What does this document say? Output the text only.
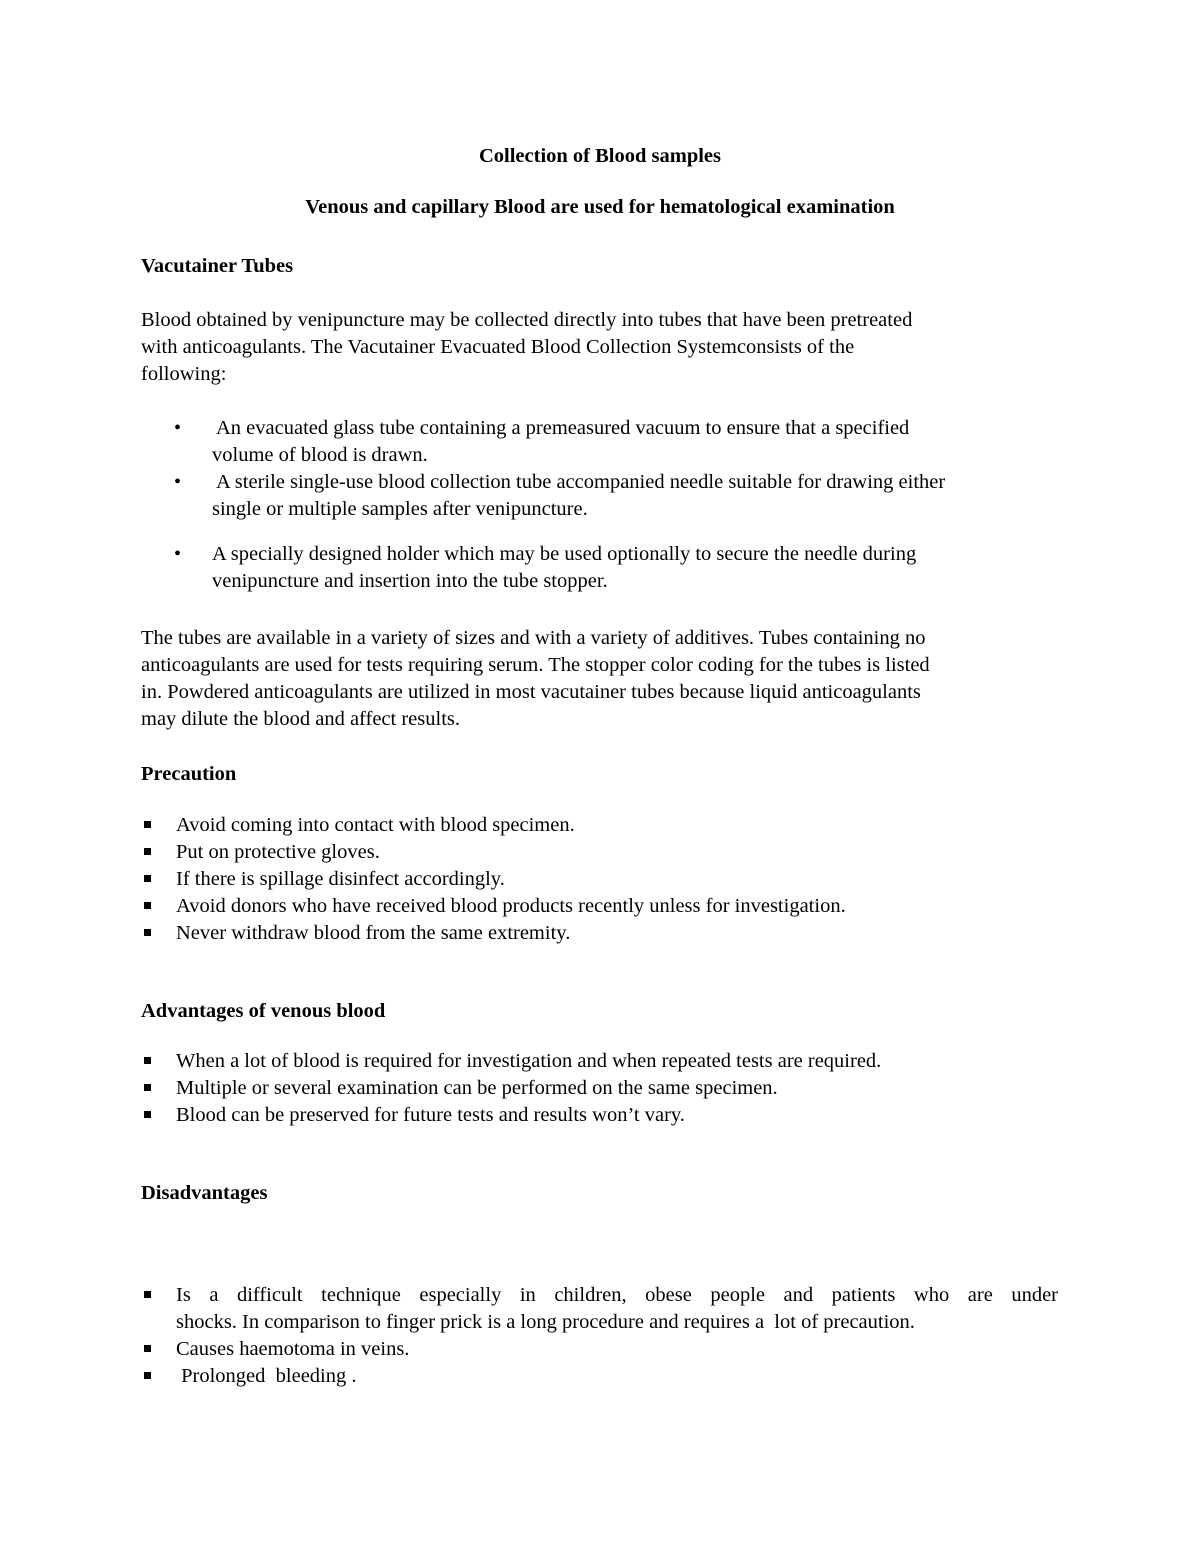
Collection of Blood samples
Venous and capillary Blood are used for hematological examination
Vacutainer Tubes

Blood obtained by venipuncture may be collected directly into tubes that have been pretreated

with anticoagulants. The Vacutainer Evacuated Blood Collection Systemconsists of the

following:

• An evacuated glass tube containing a premeasured vacuum to ensure that a specified
volume of blood is drawn.
• A sterile single-use blood collection tube accompanied needle suitable for drawing either
single or multiple samples after venipuncture.
• A specially designed holder which may be used optionally to secure the needle during
venipuncture and insertion into the tube stopper.

The tubes are available in a variety of sizes and with a variety of additives. Tubes containing no

anticoagulants are used for tests requiring serum. The stopper color coding for the tubes is listed

in. Powdered anticoagulants are utilized in most vacutainer tubes because liquid anticoagulants

may dilute the blood and affect results.

Precaution
Avoid coming into contact with blood specimen.
Put on protective gloves.
If there is spillage disinfect accordingly.
Avoid donors who have received blood products recently unless for investigation.
Never withdraw blood from the same extremity.
Advantages of venous blood
When a lot of blood is required for investigation and when repeated tests are required.
Multiple or several examination can be performed on the same specimen.
Blood can be preserved for future tests and results won’t vary.
Disadvantages
Is a difficult technique especially in children, obese people and patients who are under
shocks. In comparison to finger prick is a long procedure and requires a  lot of precaution.
Causes haemotoma in veins.
Prolonged  bleeding .
